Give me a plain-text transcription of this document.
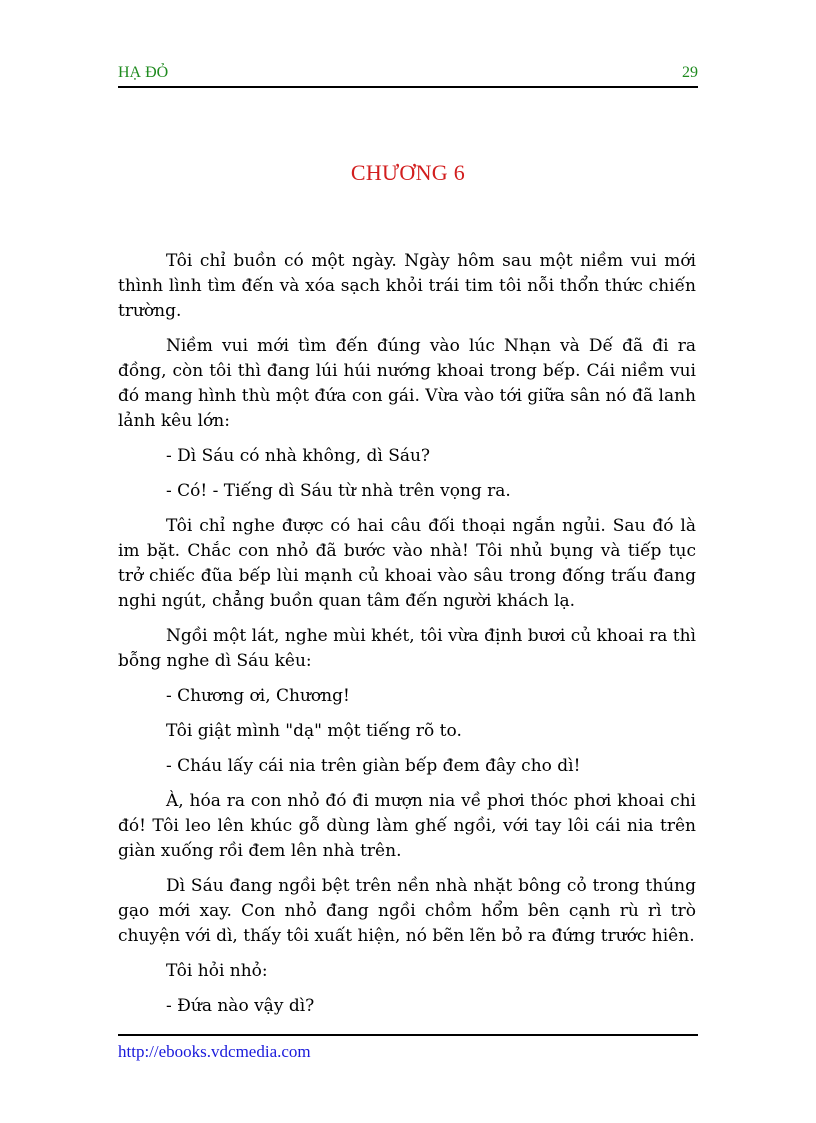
HẠ ĐỎ	29
CHƯƠNG 6

Tôi chỉ buồn có một ngày. Ngày hôm sau một niềm vui mới thình lình tìm đến và xóa sạch khỏi trái tim tôi nỗi thổn thức chiến trường.

Niềm vui mới tìm đến đúng vào lúc Nhạn và Dế đã đi ra đồng, còn tôi thì đang lúi húi nướng khoai trong bếp. Cái niềm vui đó mang hình thù một đứa con gái. Vừa vào tới giữa sân nó đã lanh lảnh kêu lớn:

- Dì Sáu có nhà không, dì Sáu?

- Có! - Tiếng dì Sáu từ nhà trên vọng ra.

Tôi chỉ nghe được có hai câu đối thoại ngắn ngủi. Sau đó là im bặt. Chắc con nhỏ đã bước vào nhà! Tôi nhủ bụng và tiếp tục trở chiếc đũa bếp lùi mạnh củ khoai vào sâu trong đống trấu đang nghi ngút, chẳng buồn quan tâm đến người khách lạ.

Ngồi một lát, nghe mùi khét, tôi vừa định bươi củ khoai ra thì bỗng nghe dì Sáu kêu:

- Chương ơi, Chương!

Tôi giật mình "dạ" một tiếng rõ to.

- Cháu lấy cái nia trên giàn bếp đem đây cho dì!

À, hóa ra con nhỏ đó đi mượn nia về phơi thóc phơi khoai chi đó! Tôi leo lên khúc gỗ dùng làm ghế ngồi, với tay lôi cái nia trên giàn xuống rồi đem lên nhà trên.

Dì Sáu đang ngồi bệt trên nền nhà nhặt bông cỏ trong thúng gạo mới xay. Con nhỏ đang ngồi chồm hổm bên cạnh rù rì trò chuyện với dì, thấy tôi xuất hiện, nó bẽn lẽn bỏ ra đứng trước hiên.

Tôi hỏi nhỏ:

- Đứa nào vậy dì?

http://ebooks.vdcmedia.com
